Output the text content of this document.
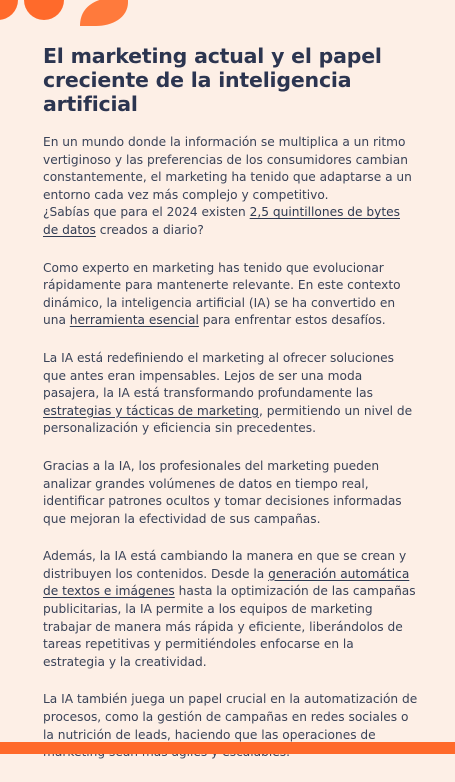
El marketing actual y el papel creciente de la inteligencia artificial

En un mundo donde la información se multiplica a un ritmo vertiginoso y las preferencias de los consumidores cambian constantemente, el marketing ha tenido que adaptarse a un entorno cada vez más complejo y competitivo.
¿Sabías que para el 2024 existen 2,5 quintillones de bytes de datos creados a diario?

Como experto en marketing has tenido que evolucionar rápidamente para mantenerte relevante. En este contexto dinámico, la inteligencia artificial (IA) se ha convertido en una herramienta esencial para enfrentar estos desafíos.

La IA está redefiniendo el marketing al ofrecer soluciones que antes eran impensables. Lejos de ser una moda pasajera, la IA está transformando profundamente las estrategias y tácticas de marketing, permitiendo un nivel de personalización y eficiencia sin precedentes.

Gracias a la IA, los profesionales del marketing pueden analizar grandes volúmenes de datos en tiempo real, identificar patrones ocultos y tomar decisiones informadas que mejoran la efectividad de sus campañas.

Además, la IA está cambiando la manera en que se crean y distribuyen los contenidos. Desde la generación automática de textos e imágenes hasta la optimización de las campañas publicitarias, la IA permite a los equipos de marketing trabajar de manera más rápida y eficiente, liberándolos de tareas repetitivas y permitiéndoles enfocarse en la estrategia y la creatividad.

La IA también juega un papel crucial en la automatización de procesos, como la gestión de campañas en redes sociales o la nutrición de leads, haciendo que las operaciones de
